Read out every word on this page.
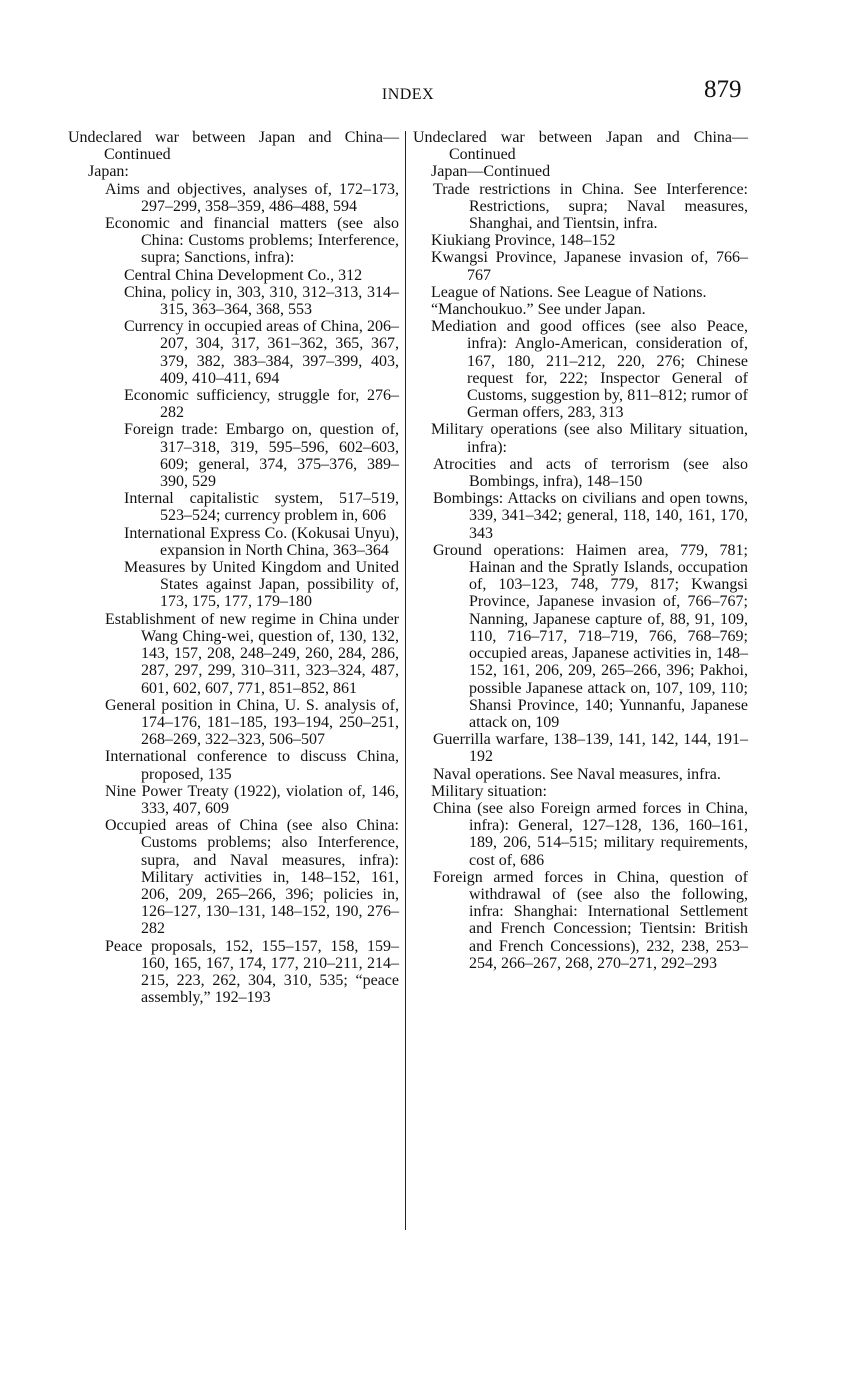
INDEX	879
Undeclared war between Japan and China—Continued
Japan:
Aims and objectives, analyses of, 172–173, 297–299, 358–359, 486–488, 594
Economic and financial matters (see also China: Customs problems; Interference, supra; Sanctions, infra):
Central China Development Co., 312
China, policy in, 303, 310, 312–313, 314–315, 363–364, 368, 553
Currency in occupied areas of China, 206–207, 304, 317, 361–362, 365, 367, 379, 382, 383–384, 397–399, 403, 409, 410–411, 694
Economic sufficiency, struggle for, 276–282
Foreign trade: Embargo on, question of, 317–318, 319, 595–596, 602–603, 609; general, 374, 375–376, 389–390, 529
Internal capitalistic system, 517–519, 523–524; currency problem in, 606
International Express Co. (Kokusai Unyu), expansion in North China, 363–364
Measures by United Kingdom and United States against Japan, possibility of, 173, 175, 177, 179–180
Establishment of new regime in China under Wang Ching-wei, question of, 130, 132, 143, 157, 208, 248–249, 260, 284, 286, 287, 297, 299, 310–311, 323–324, 487, 601, 602, 607, 771, 851–852, 861
General position in China, U. S. analysis of, 174–176, 181–185, 193–194, 250–251, 268–269, 322–323, 506–507
International conference to discuss China, proposed, 135
Nine Power Treaty (1922), violation of, 146, 333, 407, 609
Occupied areas of China (see also China: Customs problems; also Interference, supra, and Naval measures, infra): Military activities in, 148–152, 161, 206, 209, 265–266, 396; policies in, 126–127, 130–131, 148–152, 190, 276–282
Peace proposals, 152, 155–157, 158, 159–160, 165, 167, 174, 177, 210–211, 214–215, 223, 262, 304, 310, 535; “peace assembly,” 192–193
Undeclared war between Japan and China—Continued
Japan—Continued
Trade restrictions in China. See Interference: Restrictions, supra; Naval measures, Shanghai, and Tientsin, infra.
Kiukiang Province, 148–152
Kwangsi Province, Japanese invasion of, 766–767
League of Nations. See League of Nations.
“Manchoukuo.” See under Japan.
Mediation and good offices (see also Peace, infra): Anglo-American, consideration of, 167, 180, 211–212, 220, 276; Chinese request for, 222; Inspector General of Customs, suggestion by, 811–812; rumor of German offers, 283, 313
Military operations (see also Military situation, infra):
Atrocities and acts of terrorism (see also Bombings, infra), 148–150
Bombings: Attacks on civilians and open towns, 339, 341–342; general, 118, 140, 161, 170, 343
Ground operations: Haimen area, 779, 781; Hainan and the Spratly Islands, occupation of, 103–123, 748, 779, 817; Kwangsi Province, Japanese invasion of, 766–767; Nanning, Japanese capture of, 88, 91, 109, 110, 716–717, 718–719, 766, 768–769; occupied areas, Japanese activities in, 148–152, 161, 206, 209, 265–266, 396; Pakhoi, possible Japanese attack on, 107, 109, 110; Shansi Province, 140; Yunnanfu, Japanese attack on, 109
Guerrilla warfare, 138–139, 141, 142, 144, 191–192
Naval operations. See Naval measures, infra.
Military situation:
China (see also Foreign armed forces in China, infra): General, 127–128, 136, 160–161, 189, 206, 514–515; military requirements, cost of, 686
Foreign armed forces in China, question of withdrawal of (see also the following, infra: Shanghai: International Settlement and French Concession; Tientsin: British and French Concessions), 232, 238, 253–254, 266–267, 268, 270–271, 292–293
